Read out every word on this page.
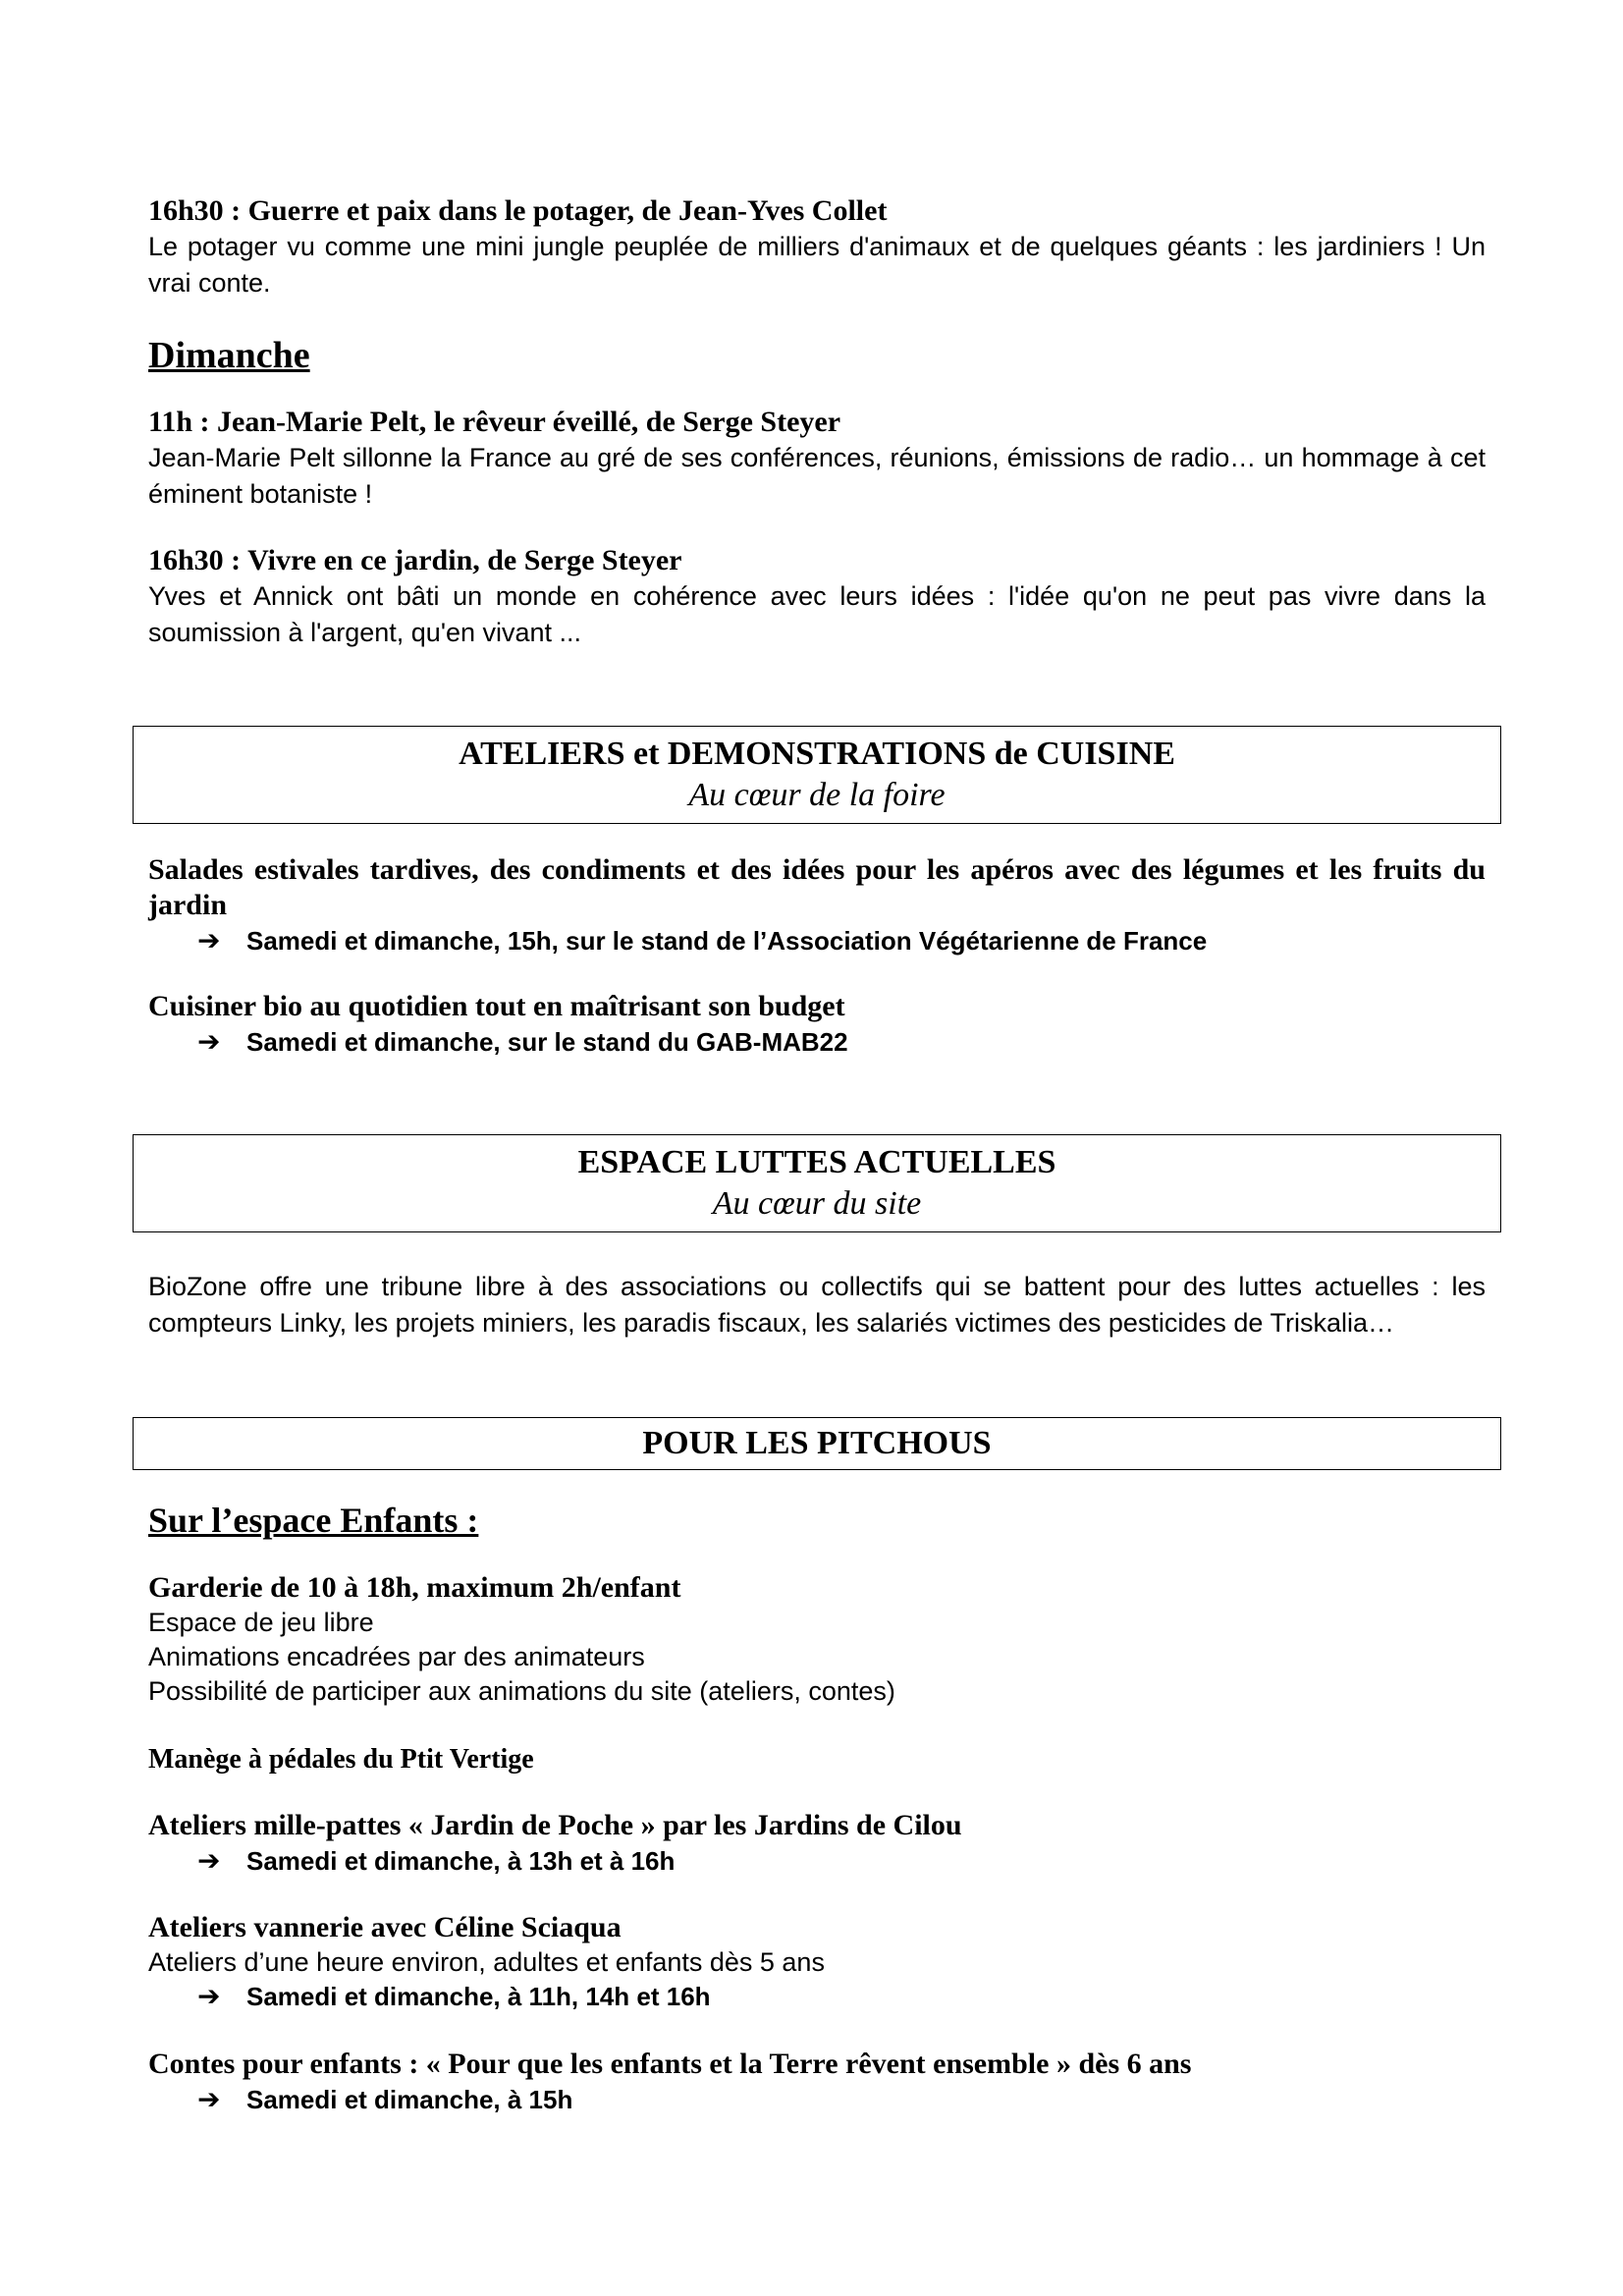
16h30 : Guerre et paix dans le potager, de Jean-Yves Collet

Le potager vu comme une mini jungle peuplée de milliers d'animaux et de quelques géants : les jardiniers ! Un vrai conte.

Dimanche

11h : Jean-Marie Pelt, le rêveur éveillé, de Serge Steyer

Jean-Marie Pelt sillonne la France au gré de ses conférences, réunions, émissions de radio… un hommage à cet éminent botaniste !

16h30 : Vivre en ce jardin, de Serge Steyer

Yves et Annick ont bâti un monde en cohérence avec leurs idées : l'idée qu'on ne peut pas vivre dans la soumission à l'argent, qu'en vivant ...

ATELIERS et DEMONSTRATIONS de CUISINE

Au cœur de la foire

Salades estivales tardives, des condiments et des idées pour les apéros avec des légumes et les fruits du jardin

➔	Samedi et dimanche, 15h, sur le stand de l’Association Végétarienne de France

Cuisiner bio au quotidien tout en maîtrisant son budget

➔	Samedi et dimanche, sur le stand du GAB-MAB22

ESPACE LUTTES ACTUELLES

Au cœur du site

BioZone offre une tribune libre à des associations ou collectifs qui se battent pour des luttes actuelles : les compteurs Linky, les projets miniers, les paradis fiscaux, les salariés victimes des pesticides de Triskalia…

POUR LES PITCHOUS

Sur l’espace Enfants :

Garderie de 10 à 18h, maximum 2h/enfant

Espace de jeu libre

Animations encadrées par des animateurs

Possibilité de participer aux animations du site (ateliers, contes)

Manège à pédales du Ptit Vertige

Ateliers mille-pattes « Jardin de Poche » par les Jardins de Cilou

➔	Samedi et dimanche, à 13h et à 16h

Ateliers vannerie avec Céline Sciaqua

Ateliers d’une heure environ, adultes et enfants dès 5 ans

➔	Samedi et dimanche, à 11h, 14h et 16h

Contes pour enfants : « Pour que les enfants et la Terre rêvent ensemble » dès 6 ans

➔	Samedi et dimanche, à 15h
